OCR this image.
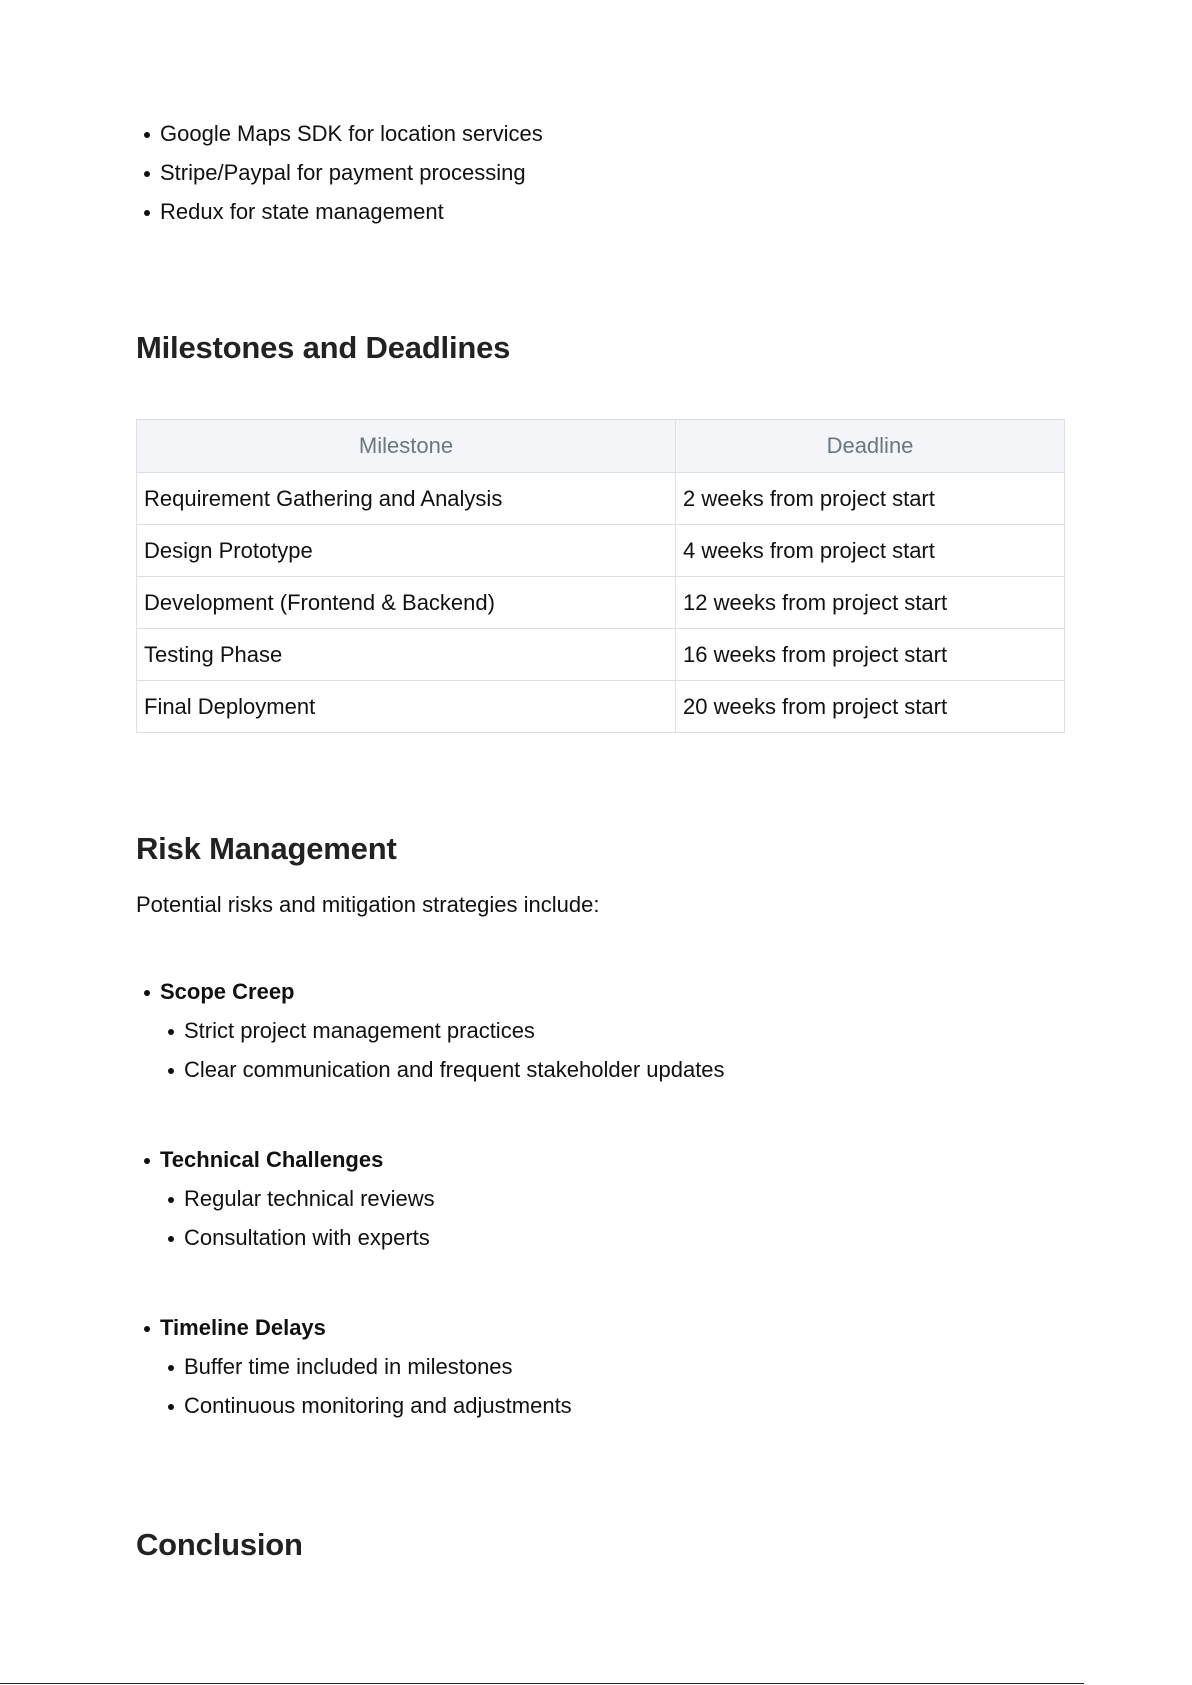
Google Maps SDK for location services
Stripe/Paypal for payment processing
Redux for state management
Milestones and Deadlines
Milestone	Deadline
Requirement Gathering and Analysis	2 weeks from project start
Design Prototype	4 weeks from project start
Development (Frontend & Backend)	12 weeks from project start
Testing Phase	16 weeks from project start
Final Deployment	20 weeks from project start
Risk Management

Potential risks and mitigation strategies include:

Scope Creep
Strict project management practices
Clear communication and frequent stakeholder updates
Technical Challenges
Regular technical reviews
Consultation with experts
Timeline Delays
Buffer time included in milestones
Continuous monitoring and adjustments
Conclusion
